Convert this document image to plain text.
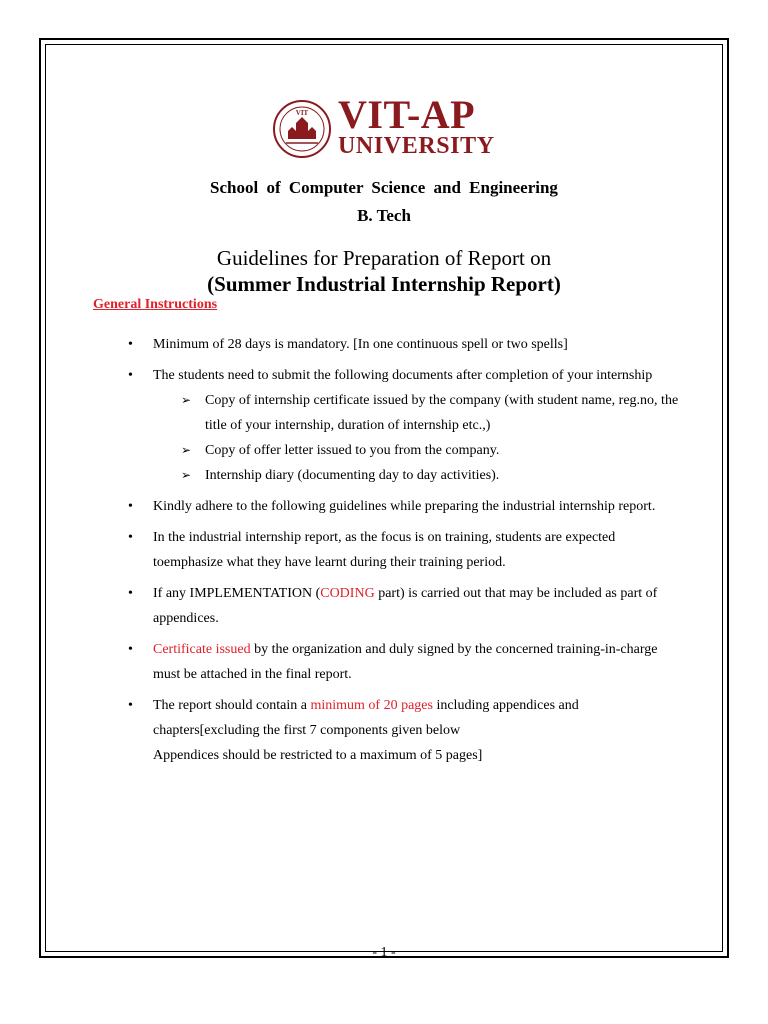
VIT VIT-AP
UNIVERSITY
School of Computer Science and Engineering
B. Tech
Guidelines for Preparation of Report on
(Summer Industrial Internship Report)
General Instructions
• Minimum of 28 days is mandatory. [In one continuous spell or two spells]
• The students need to submit the following documents after completion of your internship
➢ Copy of internship certificate issued by the company (with student name, reg.no, the title of your internship, duration of internship etc.,)
➢ Copy of offer letter issued to you from the company.
➢ Internship diary (documenting day to day activities).
• Kindly adhere to the following guidelines while preparing the industrial internship report.
• In the industrial internship report, as the focus is on training, students are expected toemphasize what they have learnt during their training period.
• If any IMPLEMENTATION (CODING part) is carried out that may be included as part of appendices.
• Certificate issued by the organization and duly signed by the concerned training-in-charge must be attached in the final report.
• The report should contain a minimum of 20 pages including appendices and chapters[excluding the first 7 components given below
Appendices should be restricted to a maximum of 5 pages]
- 1 -
